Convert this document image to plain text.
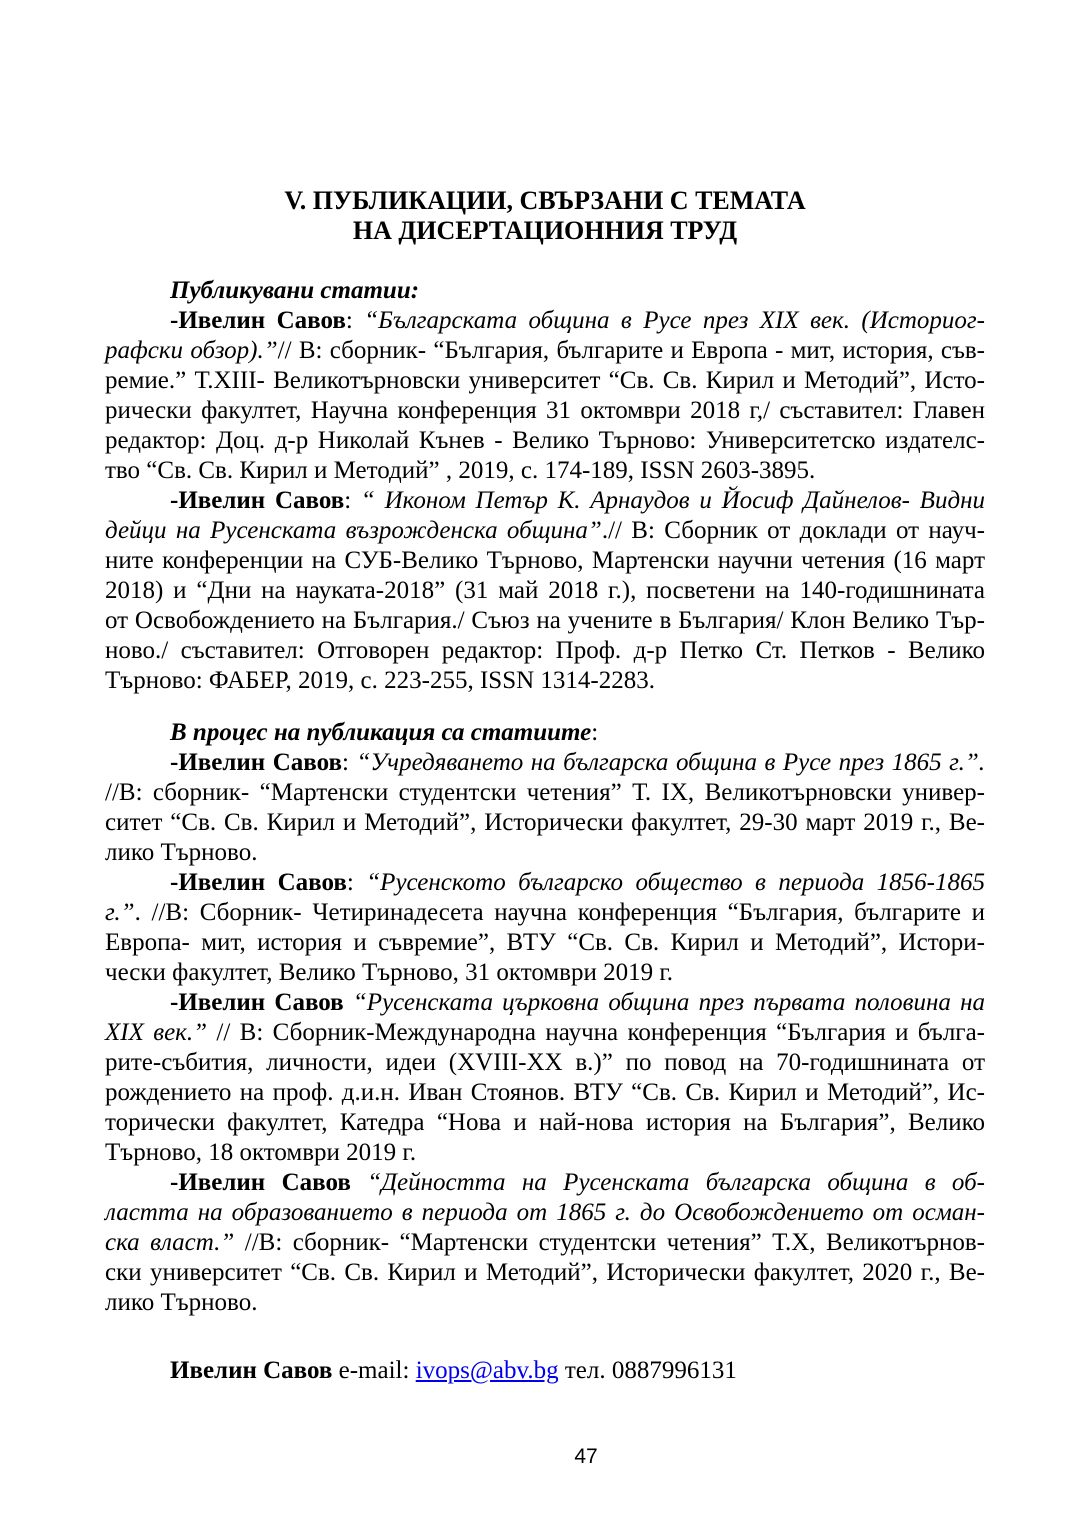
V. ПУБЛИКАЦИИ, СВЪРЗАНИ С ТЕМАТА
НА ДИСЕРТАЦИОННИЯ ТРУД
Публикувани статии:
-Ивелин Савов: “Българската община в Русе през XIX век. (Историог-
рафски обзор).”// В: сборник- “България, българите и Европа - мит, история, съв-
ремие.” Т.XIII- Великотърновски университет “Св. Св. Кирил и Методий”, Исто-
рически факултет, Научна конференция 31 октомври 2018 г,/ съставител: Главен
редактор: Доц. д-р Николай Кънев - Велико Търново: Университетско издателс-
тво “Св. Св. Кирил и Методий” , 2019, с. 174-189, ISSN 2603-3895.
-Ивелин Савов: “ Иконом Петър К. Арнаудов и Йосиф Дайнелов- Видни
дейци на Русенската възрожденска община”.// В: Сборник от доклади от науч-
ните конференции на СУБ-Велико Търново, Мартенски научни четения (16 март
2018) и “Дни на науката-2018” (31 май 2018 г.), посветени на 140-годишнината
от Освобождението на България./ Съюз на учените в България/ Клон Велико Тър-
ново./ съставител: Отговорен редактор: Проф. д-р Петко Ст. Петков - Велико
Търново: ФАБЕР, 2019, с. 223-255, ISSN 1314-2283.
В процес на публикация са статиите:
-Ивелин Савов: “Учредяването на българска община в Русе през 1865 г.”.
//В: сборник- “Мартенски студентски четения” Т. IX, Великотърновски универ-
ситет “Св. Св. Кирил и Методий”, Исторически факултет, 29-30 март 2019 г., Ве-
лико Търново.
-Ивелин Савов: “Русенското българско общество в периода 1856-1865
г.”. //В: Сборник- Четиринадесета научна конференция “България, българите и
Европа- мит, история и съвремие”, ВТУ “Св. Св. Кирил и Методий”, Истори-
чески факултет, Велико Търново, 31 октомври 2019 г.
-Ивелин Савов “Русенската църковна община през първата половина на
XIX век.” // В: Сборник-Международна научна конференция “България и бълга-
рите-събития, личности, идеи (XVIII-XX в.)” по повод на 70-годишнината от
рождението на проф. д.и.н. Иван Стоянов. ВТУ “Св. Св. Кирил и Методий”, Ис-
торически факултет, Катедра “Нова и най-нова история на България”, Велико
Търново, 18 октомври 2019 г.
-Ивелин Савов “Дейността на Русенската българска община в об-
ластта на образованието в периода от 1865 г. до Освобождението от осман-
ска власт.” //В: сборник- “Мартенски студентски четения” Т.Х, Великотърнов-
ски университет “Св. Св. Кирил и Методий”, Исторически факултет, 2020 г., Ве-
лико Търново.
Ивелин Савов e-mail: ivops@abv.bg тел. 0887996131
47
